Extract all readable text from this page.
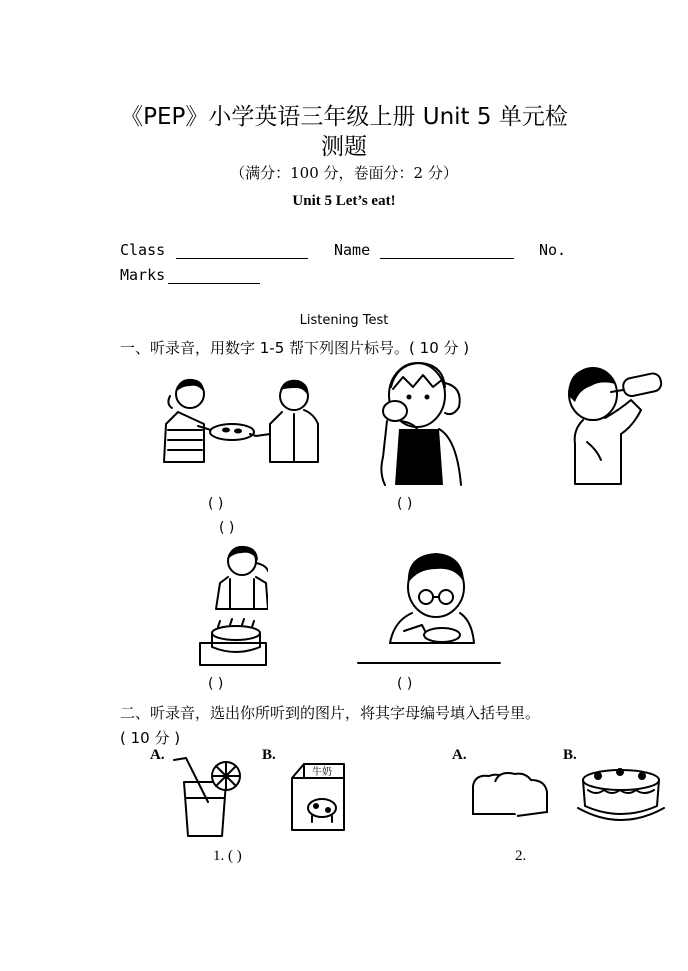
《PEP》小学英语三年级上册 Unit 5 单元检
测题
（满分：100 分，卷面分：2 分）
Unit 5 Let’s eat!
Class	Name	No.
Marks
Listening Test
一、听录音，用数字 1-5 帮下列图片标号。( 10 分 )
( )
( )
( )
( )	( )
二、听录音，选出你所听到的图片，将其字母编号填入括号里。
( 10 分 )
A.	B.	A.	B.
牛奶
1. ( )	2.
